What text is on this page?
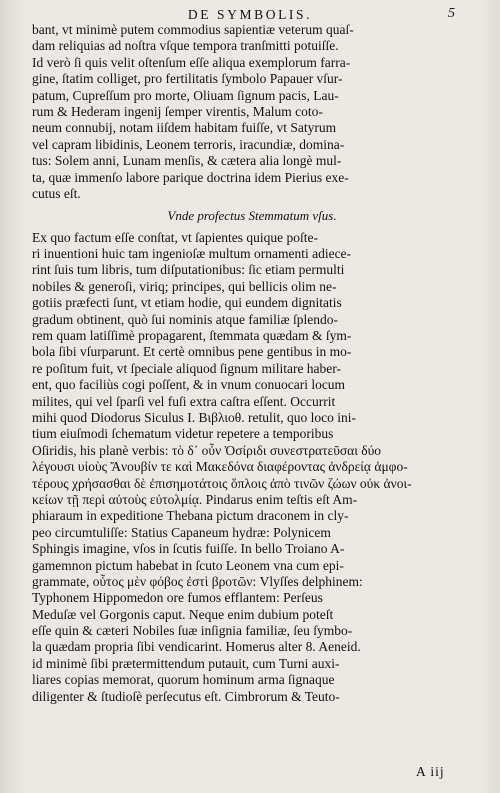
DE SYMBOLIS.	5
bant, vt minimè putem commodius sapientiæ veterum quaſ-
dam reliquias ad noſtra vſque tempora tranſmitti potuiſſe.
Id verò ſi quis velit oſtenſum eſſe aliqua exemplorum farra-
gine, ſtatim colliget, pro fertilitatis ſymbolo Papauer vſur-
patum, Cupreſſum pro morte, Oliuam ſignum pacis, Lau-
rum & Hederam ingenij ſemper virentis, Malum coto-
neum connubij, notam iiſdem habitam fuiſſe, vt Satyrum
vel capram libidinis, Leonem terroris, iracundiæ, domina-
tus: Solem anni, Lunam menſis, & cætera alia longè mul-
ta, quæ immenſo labore parique doctrina idem Pierius exe-
cutus eſt.
Vnde profectus Stemmatum vſus.
Ex quo factum eſſe conſtat, vt ſapientes quique poſte-
ri inuentioni huic tam ingenioſæ multum ornamenti adiece-
rint ſuis tum libris, tum diſputationibus: ſic etiam permulti
nobiles & generoſi, viriq; principes, qui bellicis olim ne-
gotiis præfecti ſunt, vt etiam hodie, qui eundem dignitatis
gradum obtinent, quò ſui nominis atque familiæ ſplendo-
rem quam latiſſimè propagarent, ſtemmata quædam & ſym-
bola ſibi vſurparunt. Et certè omnibus pene gentibus in mo-
re poſitum fuit, vt ſpeciale aliquod ſignum militare haber-
ent, quo faciliùs cogi poſſent, & in vnum conuocari locum
milites, qui vel ſparſi vel fuſi extra caſtra eſſent. Occurrit
mihi quod Diodorus Siculus I. Βιβλιοθ. retulit, quo loco ini-
tium eiuſmodi ſchematum videtur repetere a temporibus
Oſiridis, his planè verbis: τὸ δ᾽ οὖν Ὀσίριδι συνεστρατεῦσαι δύο
λέγουσι υἱοὺς Ἄνουβίν τε καὶ Μακεδόνα διαφέροντας ἀνδρείᾳ ἀμφο-
τέρους χρήσασθαι δὲ ἐπισημοτάτοις ὅπλοις ἀπὸ τινῶν ζώων οὐκ ἀνοι-
κείων τῇ περὶ αὐτοὺς εὐτολμίᾳ. Pindarus enim teſtis eſt Am-
phiaraum in expeditione Thebana pictum draconem in cly-
peo circumtuliſſe: Statius Capaneum hydræ: Polynicem
Sphingis imagine, vſos in ſcutis fuiſſe. In bello Troiano A-
gamemnon pictum habebat in ſcuto Leonem vna cum epi-
grammate, οὗτος μὲν φόβος ἐστὶ βροτῶν: Vlyſſes delphinem:
Typhonem Hippomedon ore fumos efflantem: Perſeus
Meduſæ vel Gorgonis caput. Neque enim dubium poteſt
eſſe quin & cæteri Nobiles ſuæ inſignia familiæ, ſeu ſymbo-
la quædam propria ſibi vendicarint. Homerus alter 8. Aeneid.
id minimè ſibi prætermittendum putauit, cum Turni auxi-
liares copias memorat, quorum hominum arma ſignaque
diligenter & ſtudioſè perſecutus eſt. Cimbrorum & Teuto-
A iij
